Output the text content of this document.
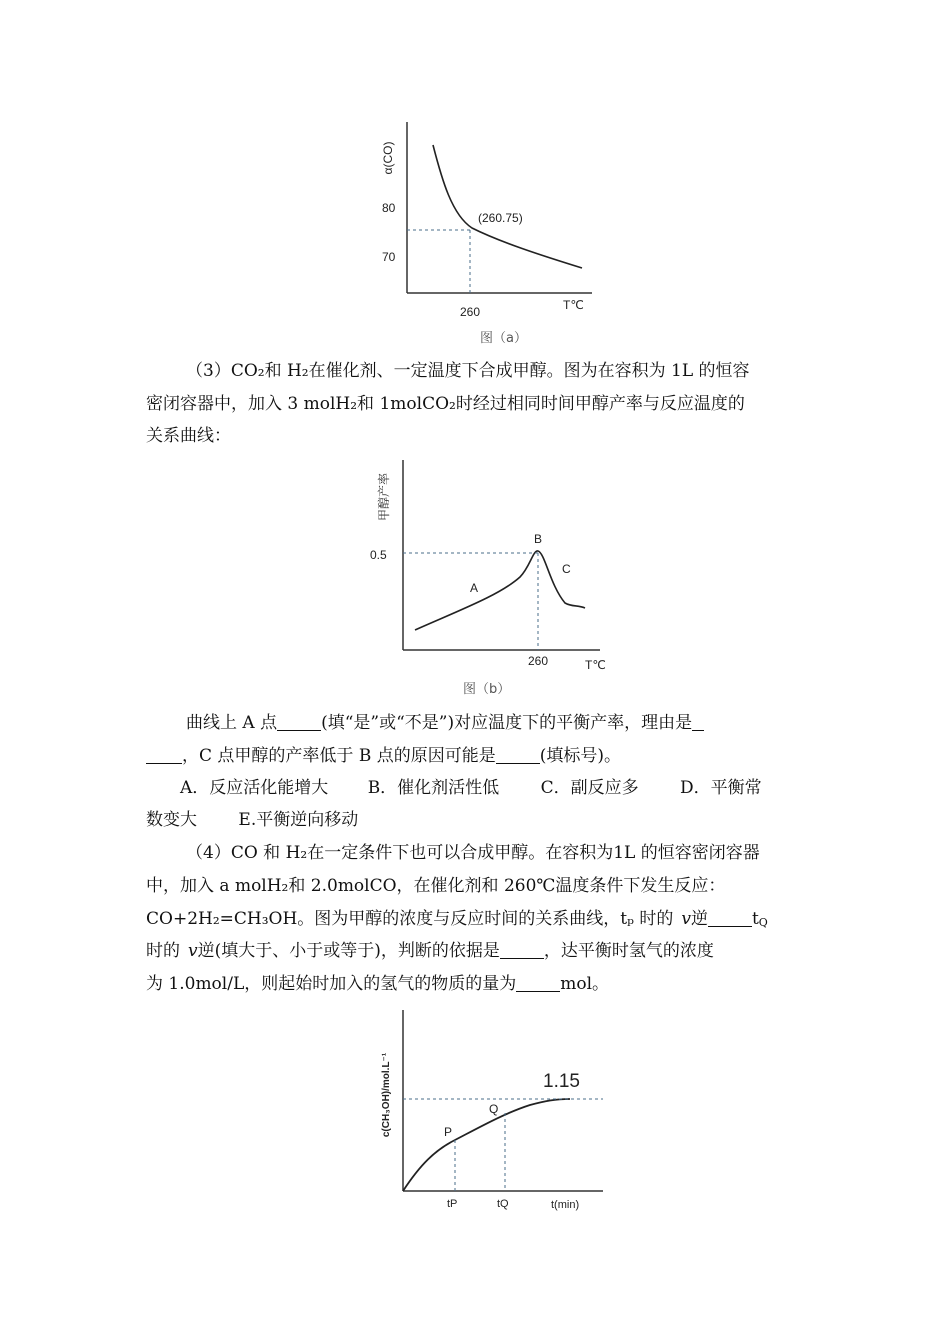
α(CO)
80
70
260	T℃
(260.75)
图（a）
（3）CO₂和 H₂在催化剂、一定温度下合成甲醇。图为在容积为 1L 的恒容
密闭容器中，加入 3 molH₂和 1molCO₂时经过相同时间甲醇产率与反应温度的
关系曲线：
甲醇产率
0.5
260	T℃
A
B
C
图（b）
曲线上 A 点	(填“是”或“不是”)对应温度下的平衡产率，理由是
，C 点甲醇的产率低于 B 点的原因可能是	(填标号)。
A．反应活化能增大 B．催化剂活性低 C．副反应多 D．平衡常
数变大 E.平衡逆向移动
（4）CO 和 H₂在一定条件下也可以合成甲醇。在容积为1L 的恒容密闭容器
中，加入 a molH₂和 2.0molCO，在催化剂和 260℃温度条件下发生反应：
CO+2H₂=CH₃OH。图为甲醇的浓度与反应时间的关系曲线，tₚ 时的 v逆	$t_Q$
时的 v逆(填大于、小于或等于)，判断的依据是	，达平衡时氢气的浓度
为 1.0mol/L，则起始时加入的氢气的物质的量为	mol。
c(CH₃OH)/mol.L⁻¹	1.15
P
Q
tP	tQ	t(min)
